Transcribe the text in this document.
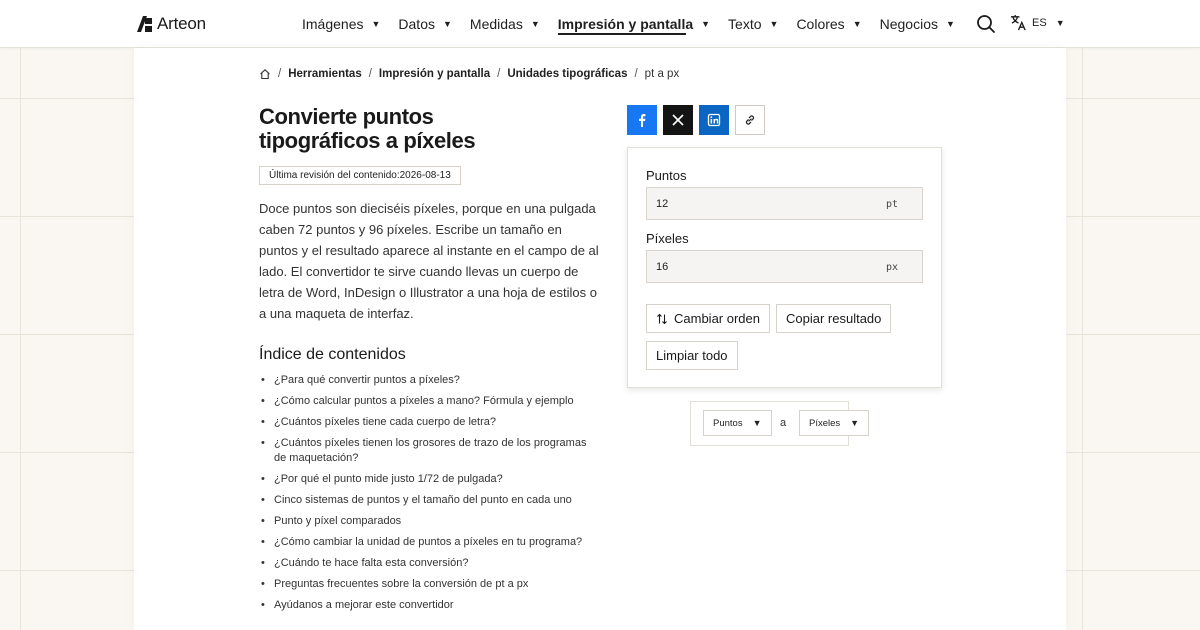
Arteon	Imágenes ▼ Datos ▼ Medidas ▼ Impresión y pantalla ▼ Texto ▼ Colores ▼ Negocios ▼	ES ▼
/ Herramientas / Impresión y pantalla / Unidades tipográficas / pt a px
Convierte puntos tipográficos a píxeles
Última revisión del contenido: 2026-08-13

Doce puntos son dieciséis píxeles, porque en una pulgada caben 72 puntos y 96 píxeles. Escribe un tamaño en puntos y el resultado aparece al instante en el campo de al lado. El convertidor te sirve cuando llevas un cuerpo de letra de Word, InDesign o Illustrator a una hoja de estilos o a una maqueta de interfaz.

Índice de contenidos
• ¿Para qué convertir puntos a píxeles?
• ¿Cómo calcular puntos a píxeles a mano? Fórmula y ejemplo
• ¿Cuántos píxeles tiene cada cuerpo de letra?
• ¿Cuántos píxeles tienen los grosores de trazo de los programas de maquetación?
• ¿Por qué el punto mide justo 1/72 de pulgada?
• Cinco sistemas de puntos y el tamaño del punto en cada uno
• Punto y píxel comparados
• ¿Cómo cambiar la unidad de puntos a píxeles en tu programa?
• ¿Cuándo te hace falta esta conversión?
• Preguntas frecuentes sobre la conversión de pt a px
• Ayúdanos a mejorar este convertidor
Puntos
12
pt
Píxeles
16
px
Cambiar orden Copiar resultado
Limpiar todo
Puntos ▼ a Píxeles ▼
